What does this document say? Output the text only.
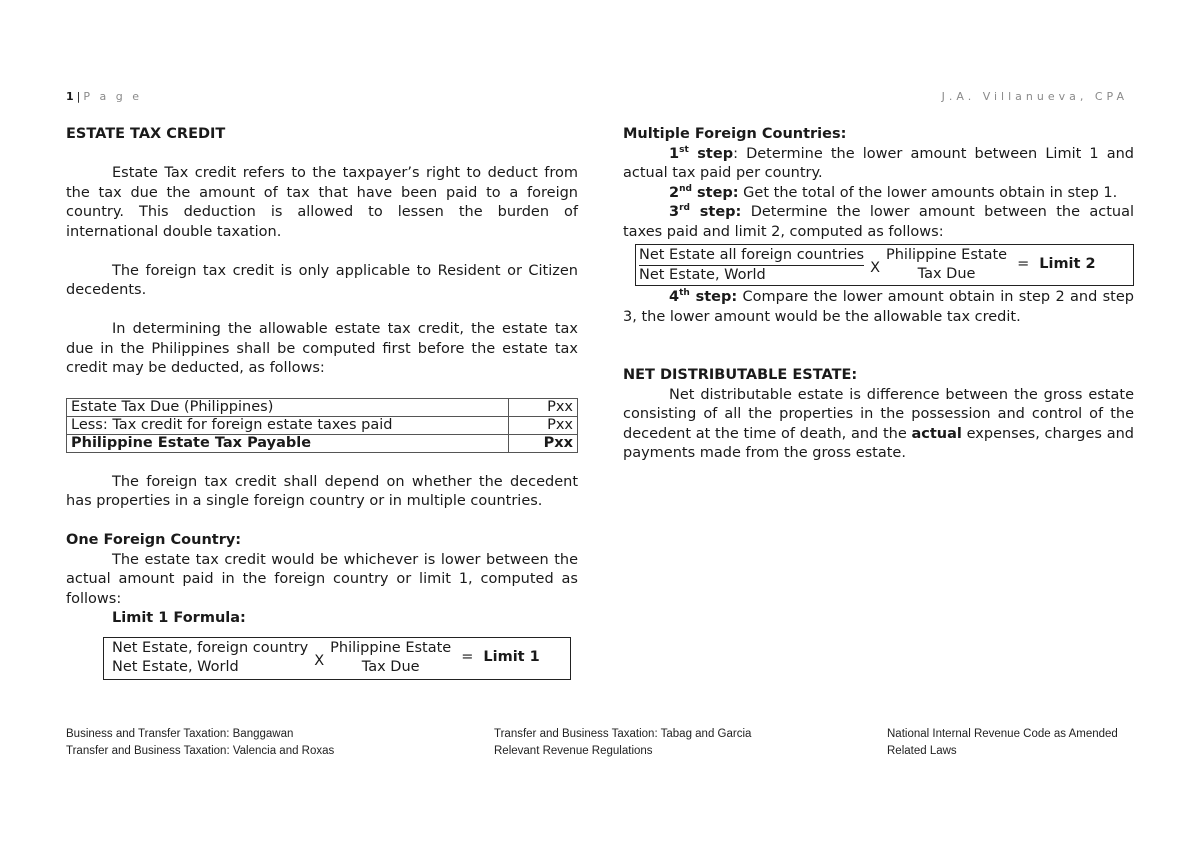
1 | P a g e	J.A. Villanueva, CPA

ESTATE TAX CREDIT

Estate Tax credit refers to the taxpayer’s right to deduct from the tax due the amount of tax that have been paid to a foreign country. This deduction is allowed to lessen the burden of international double taxation.

The foreign tax credit is only applicable to Resident or Citizen decedents.

In determining the allowable estate tax credit, the estate tax due in the Philippines shall be computed first before the estate tax credit may be deducted, as follows:

Estate Tax Due (Philippines)	Pxx
Less: Tax credit for foreign estate taxes paid	Pxx
Philippine Estate Tax Payable	Pxx

The foreign tax credit shall depend on whether the decedent has properties in a single foreign country or in multiple countries.

One Foreign Country:

The estate tax credit would be whichever is lower between the actual amount paid in the foreign country or limit 1, computed as follows:

Limit 1 Formula:

Net Estate, foreign country
Net Estate, World	X
Philippine Estate
Tax Due
= Limit 1

Multiple Foreign Countries:

1st step: Determine the lower amount between Limit 1 and actual tax paid per country.

2nd step: Get the total of the lower amounts obtain in step 1.

3rd step: Determine the lower amount between the actual taxes paid and limit 2, computed as follows:

$\frac{\text{Net Estate all foreign countries}}{\text{Net Estate, World}}$ X
Philippine Estate
Tax Due
= Limit 2

4th step: Compare the lower amount obtain in step 2 and step 3, the lower amount would be the allowable tax credit.

NET DISTRIBUTABLE ESTATE:

Net distributable estate is difference between the gross estate consisting of all the properties in the possession and control of the decedent at the time of death, and the actual expenses, charges and payments made from the gross estate.

Business and Transfer Taxation: Banggawan
Transfer and Business Taxation: Valencia and Roxas
Transfer and Business Taxation: Tabag and Garcia
Relevant Revenue Regulations
National Internal Revenue Code as Amended
Related Laws
